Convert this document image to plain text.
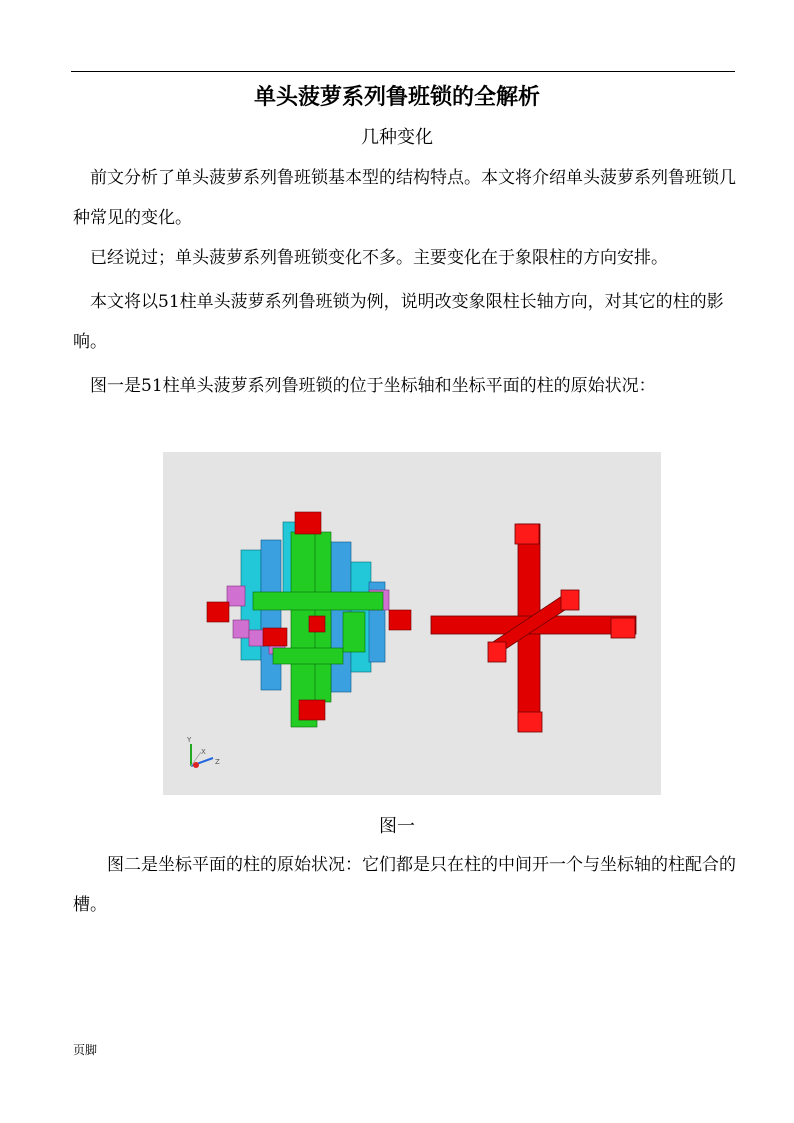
单头菠萝系列鲁班锁的全解析
几种变化

　前文分析了单头菠萝系列鲁班锁基本型的结构特点。本文将介绍单头菠萝系列鲁班锁几种常见的变化。

　已经说过；单头菠萝系列鲁班锁变化不多。主要变化在于象限柱的方向安排。

　本文将以51柱单头菠萝系列鲁班锁为例，说明改变象限柱长轴方向，对其它的柱的影响。

　图一是51柱单头菠萝系列鲁班锁的位于坐标轴和坐标平面的柱的原始状况：

Y
X
Z
图一

　　图二是坐标平面的柱的原始状况：它们都是只在柱的中间开一个与坐标轴的柱配合的槽。

页脚
